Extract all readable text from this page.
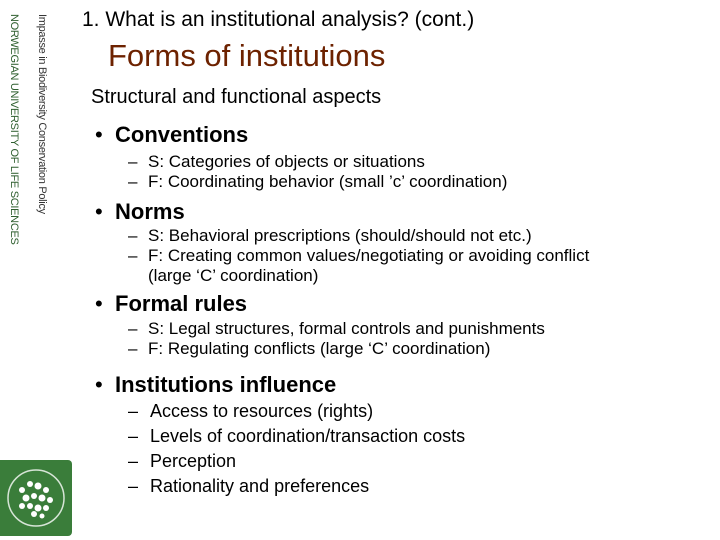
NORWEGIAN UNIVERSITY OF LIFE SCIENCES Impasse in Biodiversity Conservation Policy 1. What is an institutional analysis? (cont.)
Forms of institutions
Structural and functional aspects
• Conventions
– S: Categories of objects or situations
– F: Coordinating behavior (small ’c’ coordination)
• Norms
– S: Behavioral prescriptions (should/should not etc.)
– F: Creating common values/negotiating or avoiding conflict
(large ‘C’ coordination)
• Formal rules
– S: Legal structures, formal controls and punishments
– F: Regulating conflicts (large ‘C’ coordination)
• Institutions influence
– Access to resources (rights)
– Levels of coordination/transaction costs
– Perception
– Rationality and preferences
